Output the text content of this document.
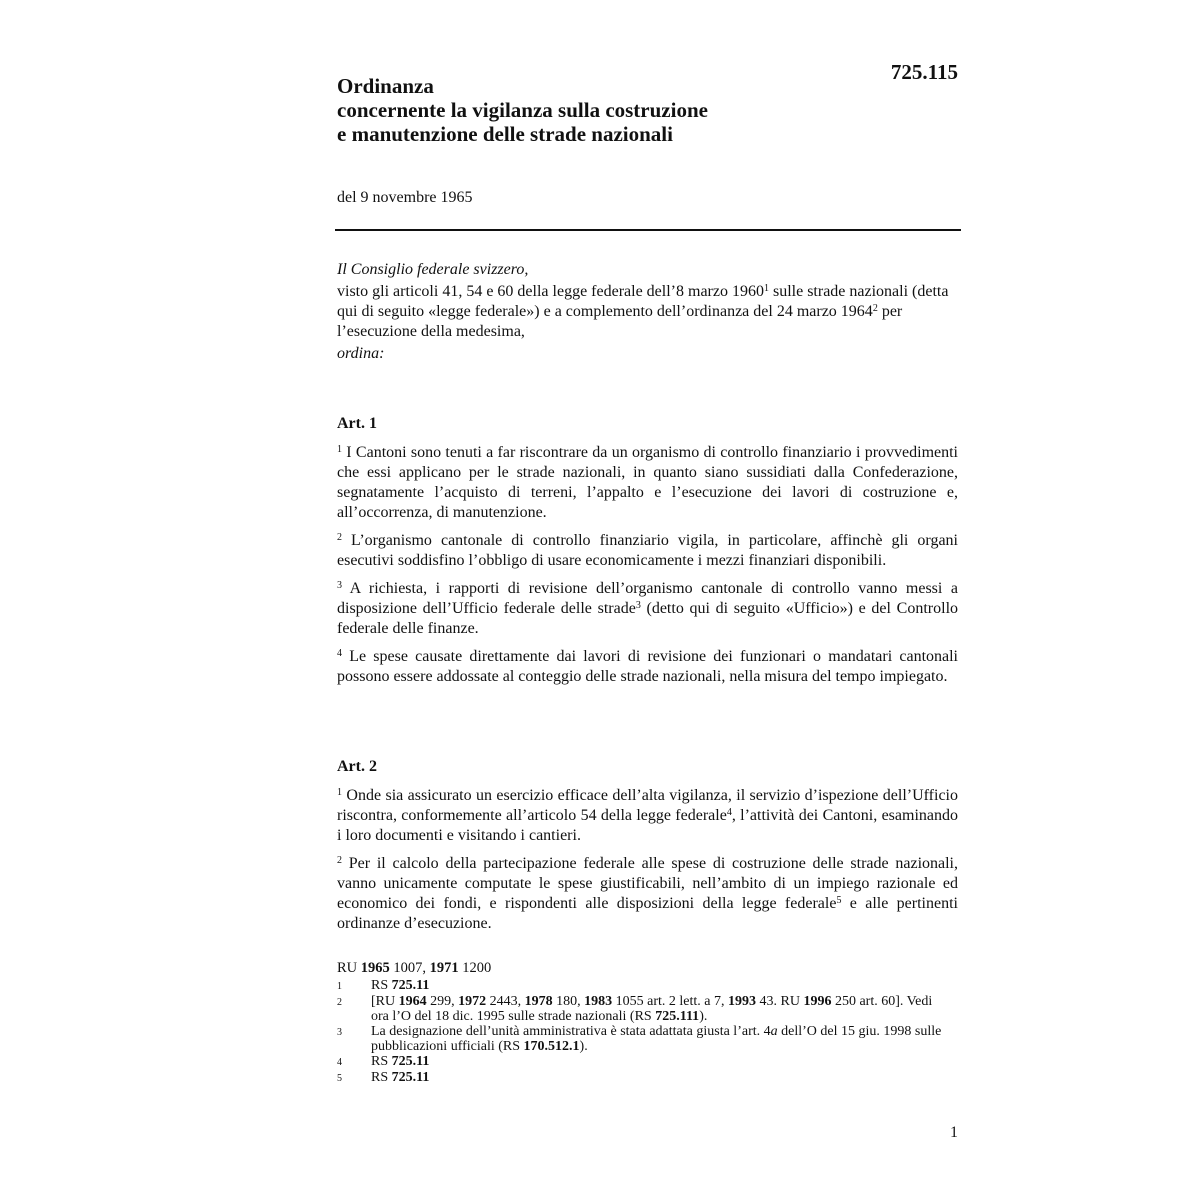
725.115
Ordinanza
concernente la vigilanza sulla costruzione
e manutenzione delle strade nazionali
del 9 novembre 1965

Il Consiglio federale svizzero,

visto gli articoli 41, 54 e 60 della legge federale dell’8 marzo 1960$^1$ sulle strade nazionali (detta qui di seguito «legge federale») e a complemento dell’ordinanza del 24 marzo 1964$^2$ per l’esecuzione della medesima,

ordina:

Art. 1

$^1$ I Cantoni sono tenuti a far riscontrare da un organismo di controllo finanziario i provvedimenti che essi applicano per le strade nazionali, in quanto siano sussidiati dalla Confederazione, segnatamente l’acquisto di terreni, l’appalto e l’esecuzione dei lavori di costruzione e, all’occorrenza, di manutenzione.

$^2$ L’organismo cantonale di controllo finanziario vigila, in particolare, affinchè gli organi esecutivi soddisfino l’obbligo di usare economicamente i mezzi finanziari disponibili.

$^3$ A richiesta, i rapporti di revisione dell’organismo cantonale di controllo vanno messi a disposizione dell’Ufficio federale delle strade$^3$ (detto qui di seguito «Ufficio») e del Controllo federale delle finanze.

$^4$ Le spese causate direttamente dai lavori di revisione dei funzionari o mandatari cantonali possono essere addossate al conteggio delle strade nazionali, nella misura del tempo impiegato.

Art. 2

$^1$ Onde sia assicurato un esercizio efficace dell’alta vigilanza, il servizio d’ispezione dell’Ufficio riscontra, conformemente all’articolo 54 della legge federale$^4$, l’attività dei Cantoni, esaminando i loro documenti e visitando i cantieri.

$^2$ Per il calcolo della partecipazione federale alle spese di costruzione delle strade nazionali, vanno unicamente computate le spese giustificabili, nell’ambito di un impiego razionale ed economico dei fondi, e rispondenti alle disposizioni della legge federale$^5$ e alle pertinenti ordinanze d’esecuzione.

RU 1965 1007, 1971 1200
1	RS 725.11
2	[RU 1964 299, 1972 2443, 1978 180, 1983 1055 art. 2 lett. a 7, 1993 43. RU 1996 250 art. 60]. Vedi ora l’O del 18 dic. 1995 sulle strade nazionali (RS 725.111).
3	La designazione dell’unità amministrativa è stata adattata giusta l’art. 4a dell’O del 15 giu. 1998 sulle pubblicazioni ufficiali (RS 170.512.1).
4	RS 725.11
5	RS 725.11
1
